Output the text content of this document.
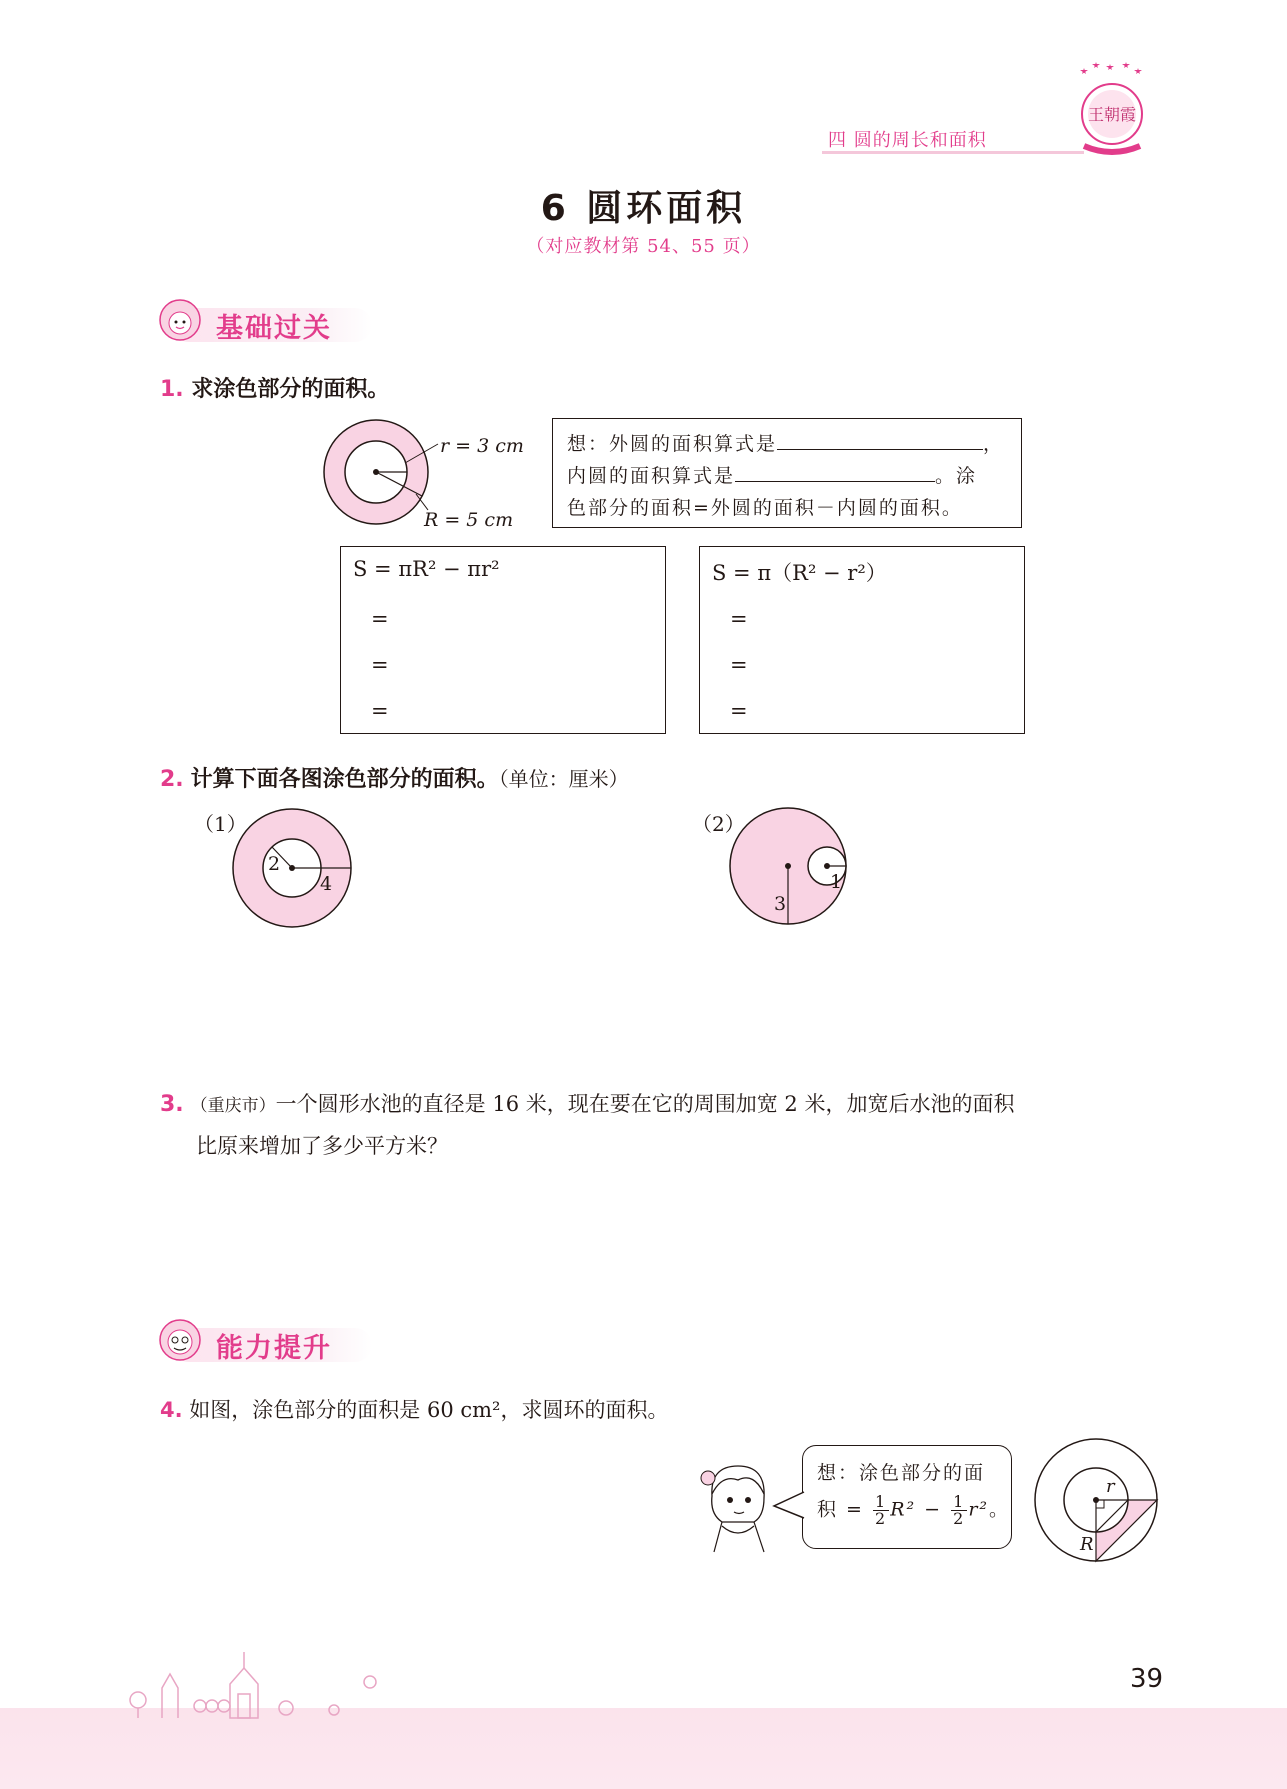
四 圆的周长和面积
王朝霞
6 圆环面积
（对应教材第 54、55 页）
基础过关
1. 求涂色部分的面积。
r = 3 cm
R = 5 cm
想：外圆的面积算式是	，
内圆的面积算式是	。涂
色部分的面积=外圆的面积－内圆的面积。
S = πR² − πr²
=
=
=
S = π（R² − r²）
=
=
=
2. 计算下面各图涂色部分的面积。（单位：厘米）
（1）
2
4
（2）
3
1
3. （重庆市）一个圆形水池的直径是 16 米，现在要在它的周围加宽 2 米，加宽后水池的面积
比原来增加了多少平方米？
能力提升
4. 如图，涂色部分的面积是 60 cm²，求圆环的面积。
想：涂色部分的面
积 = $\frac{1}{2} R^2 - \frac{1}{2} r^2$。
r
R
39
